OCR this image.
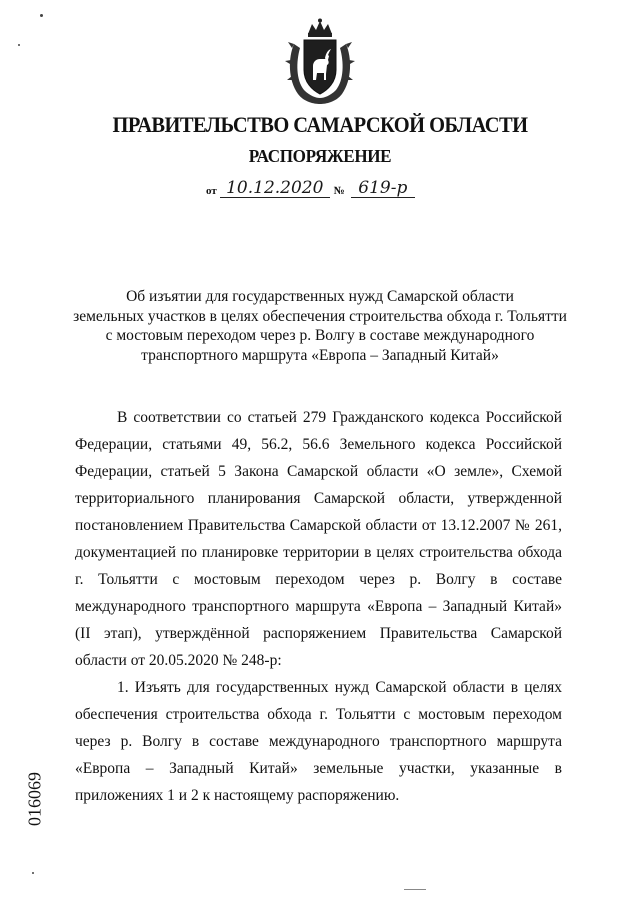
ПРАВИТЕЛЬСТВО САМАРСКОЙ ОБЛАСТИ
РАСПОРЯЖЕНИЕ
от 10.12.2020 № 619-р
Об изъятии для государственных нужд Самарской области
земельных участков в целях обеспечения строительства обхода г. Тольятти
с мостовым переходом через р. Волгу в составе международного
транспортного маршрута «Европа – Западный Китай»

В соответствии со статьей 279 Гражданского кодекса Российской Федерации, статьями 49, 56.2, 56.6 Земельного кодекса Российской Федерации, статьей 5 Закона Самарской области «О земле», Схемой территориального планирования Самарской области, утвержденной постановлением Правительства Самарской области от 13.12.2007 № 261, документацией по планировке территории в целях строительства обхода г. Тольятти с мостовым переходом через р. Волгу в составе международного транспортного маршрута «Европа – Западный Китай» (II этап), утверждённой распоряжением Правительства Самарской области от 20.05.2020 № 248-р:

1. Изъять для государственных нужд Самарской области в целях обеспечения строительства обхода г. Тольятти с мостовым переходом через р. Волгу в составе международного транспортного маршрута «Европа – Западный Китай» земельные участки, указанные в приложениях 1 и 2 к настоящему распоряжению.

016069
